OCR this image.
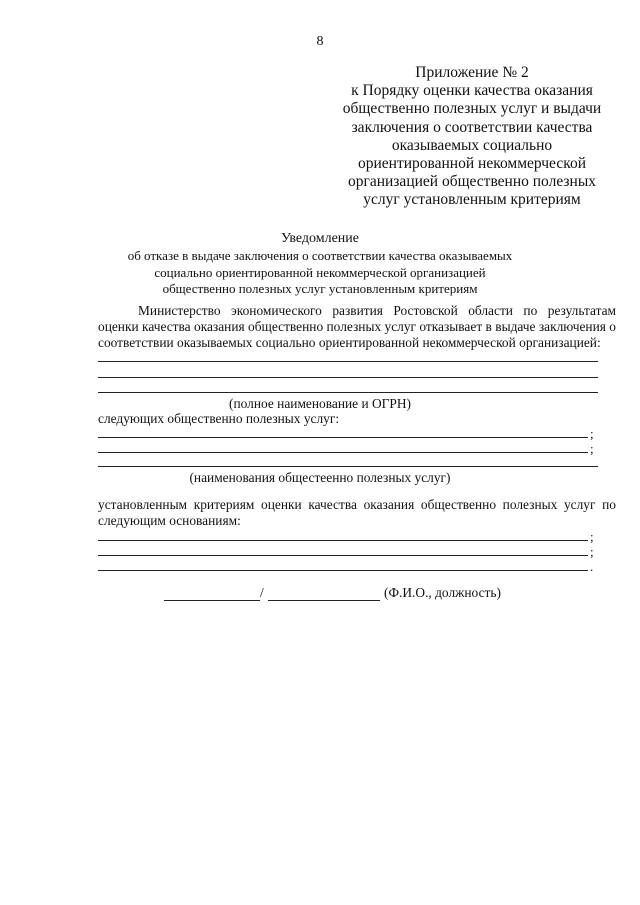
8
Приложение № 2
к Порядку оценки качества оказания
общественно полезных услуг и выдачи
заключения о соответствии качества
оказываемых социально
ориентированной некоммерческой
организацией общественно полезных
услуг установленным критериям
Уведомление
об отказе в выдаче заключения о соответствии качества оказываемых
социально ориентированной некоммерческой организацией
общественно полезных услуг установленным критериям
Министерство экономического развития Ростовской области по результатам оценки качества оказания общественно полезных услуг отказывает в выдаче заключения о соответствии оказываемых социально ориентированной некоммерческой организацией:
(полное наименование и ОГРН)
следующих общественно полезных услуг:
;
;
(наименования общестеенно полезных услуг)
установленным критериям оценки качества оказания общественно полезных услуг по следующим основаниям:
;
;
.
/	(Ф.И.О., должность)
